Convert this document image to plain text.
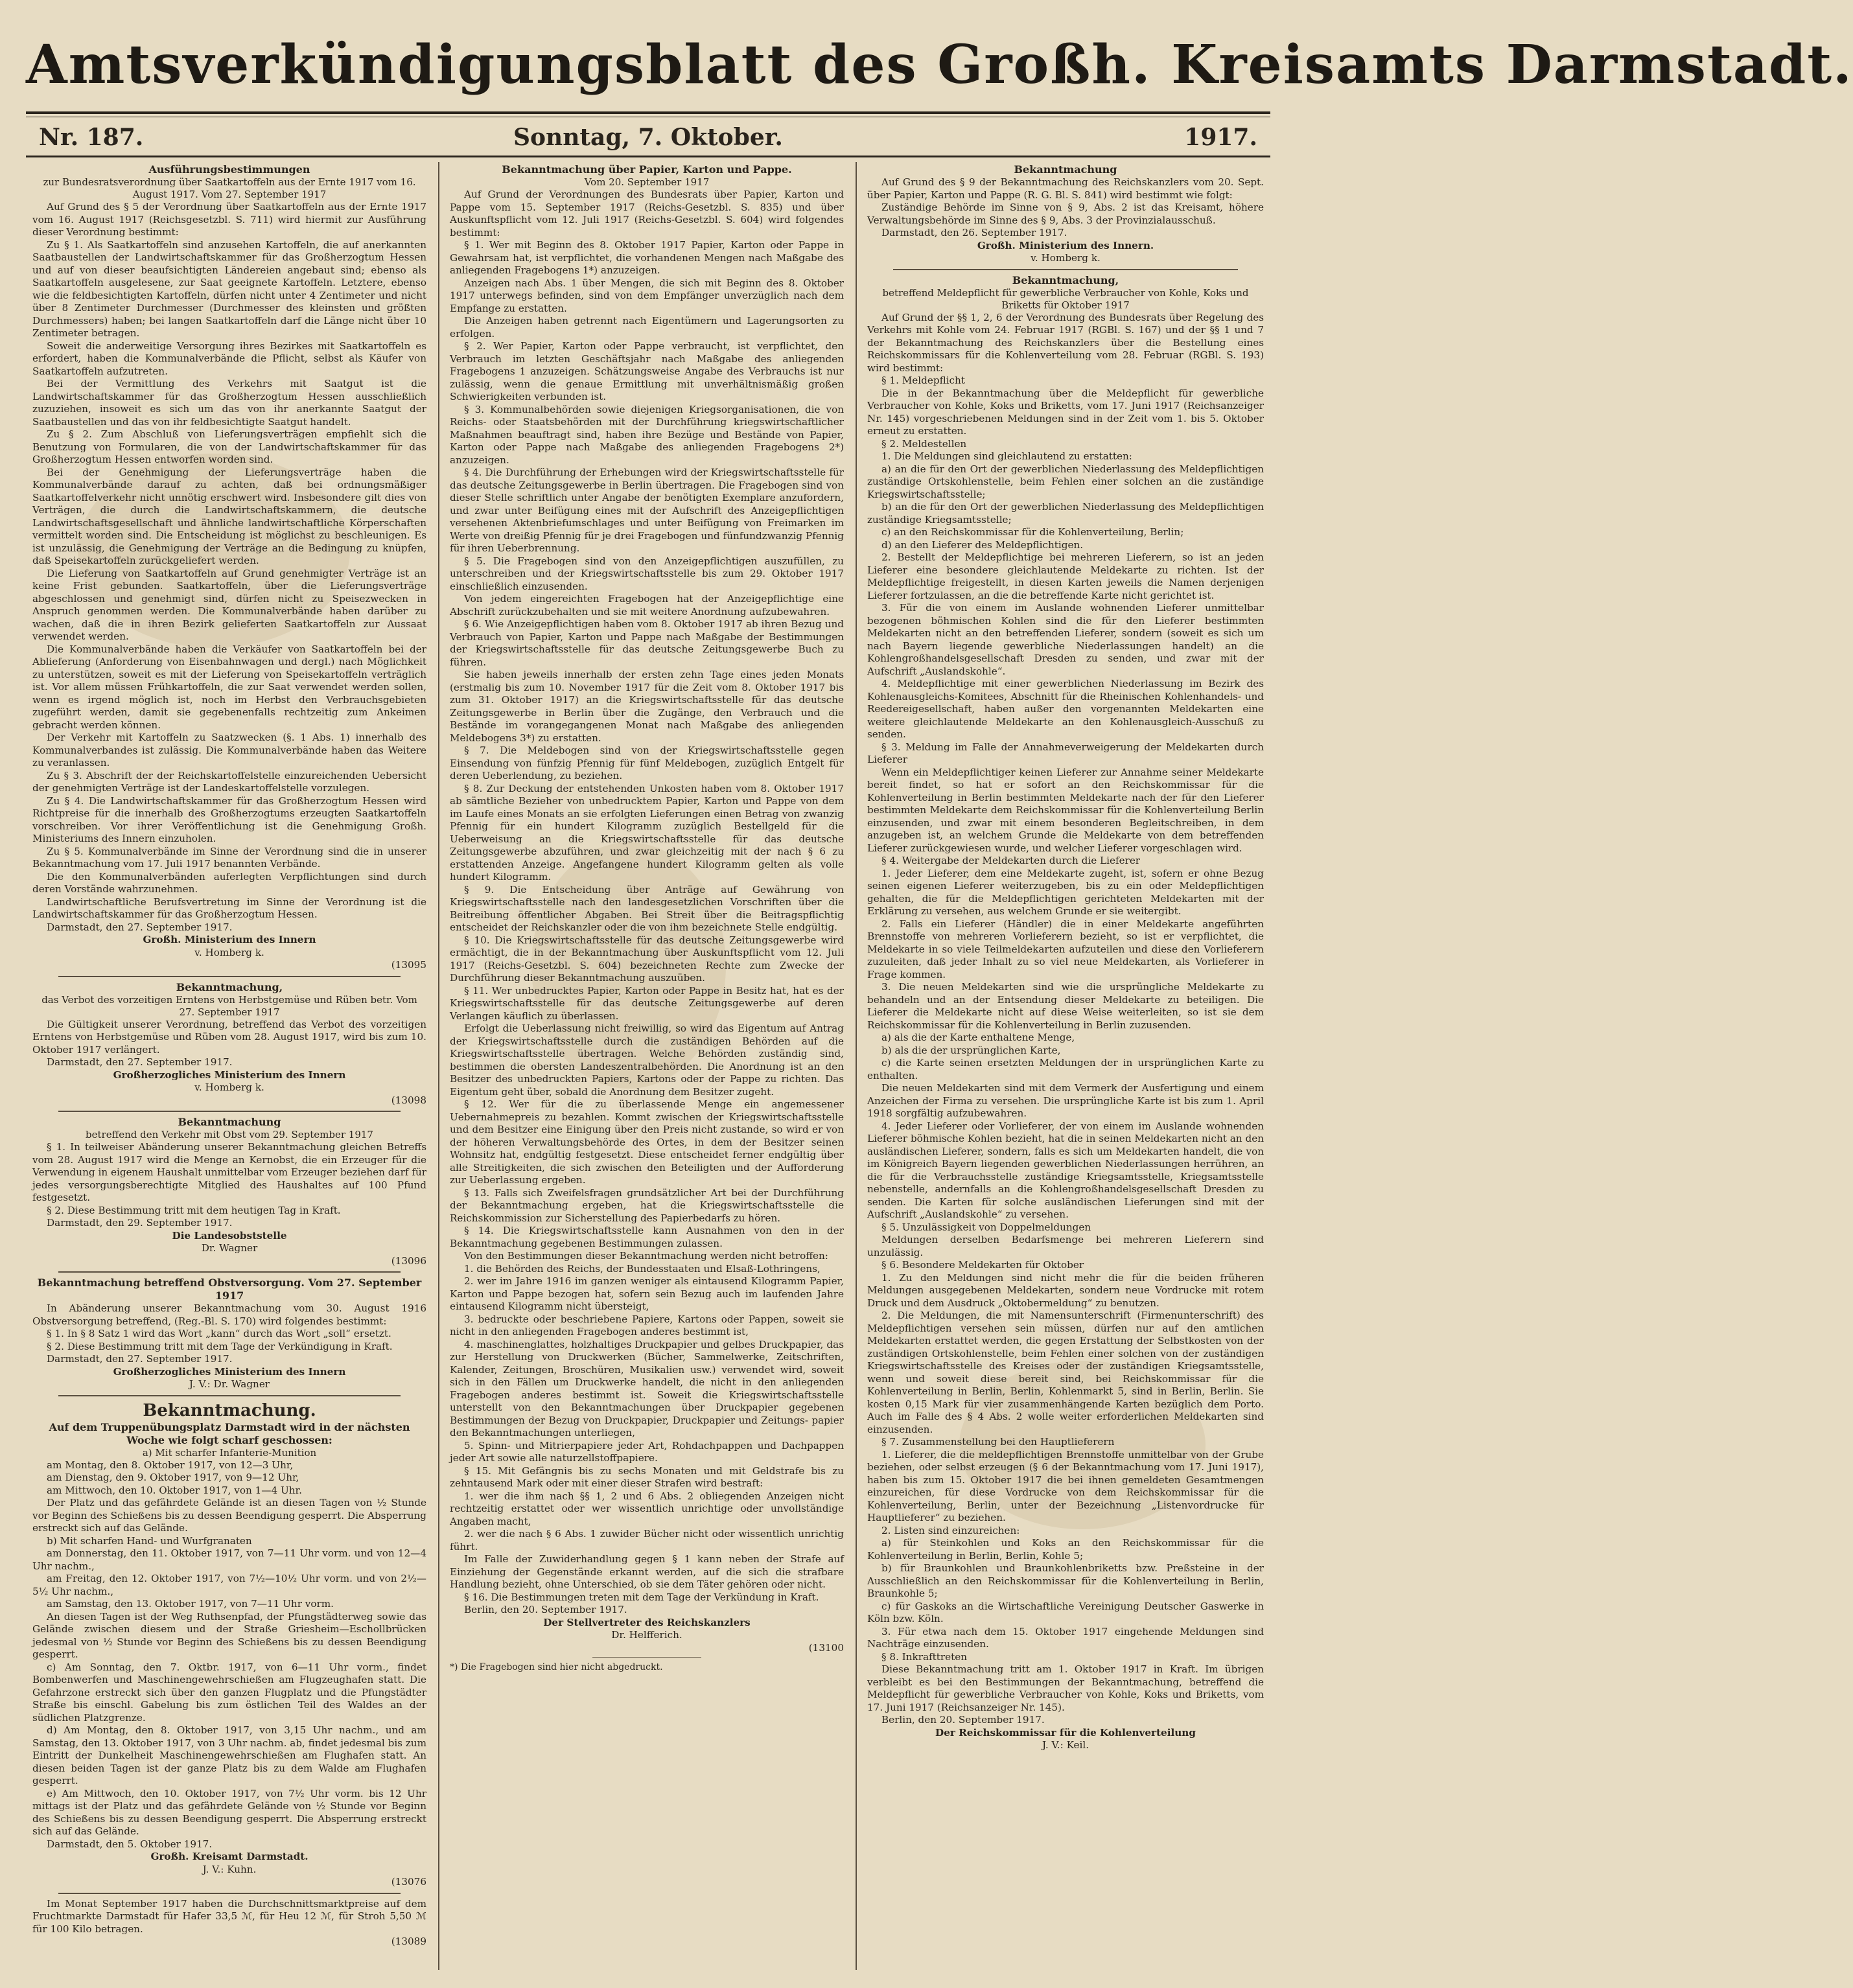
Amtsverkündigungsblatt des Großh. Kreisamts Darmstadt.
Sonntag, 7. Oktober.
Nr. 187.	1917.
Ausführungsbestimmungen
zur Bundesratsverordnung über Saatkartoffeln aus der Ernte 1917 vom 16. August 1917. Vom 27. September 1917

Auf Grund des § 5 der Verordnung über Saatkartoffeln aus der Ernte 1917 vom 16. August 1917 (Reichsgesetzbl. S. 711) wird hiermit zur Ausführung dieser Verordnung bestimmt:

Zu § 1. Als Saatkartoffeln sind anzusehen Kartoffeln, die auf anerkannten Saatbaustellen der Landwirtschaftskammer für das Großherzogtum Hessen und auf von dieser beaufsichtigten Ländereien angebaut sind; ebenso als Saatkartoffeln ausgelesene, zur Saat geeignete Kartoffeln. Letztere, ebenso wie die feldbesichtigten Kartoffeln, dürfen nicht unter 4 Zentimeter und nicht über 8 Zentimeter Durchmesser (Durchmesser des kleinsten und größten Durchmessers) haben; bei langen Saatkartoffeln darf die Länge nicht über 10 Zentimeter betragen.

Soweit die anderweitige Versorgung ihres Bezirkes mit Saatkartoffeln es erfordert, haben die Kommunalverbände die Pflicht, selbst als Käufer von Saatkartoffeln aufzutreten.

Bei der Vermittlung des Verkehrs mit Saatgut ist die Landwirtschaftskammer für das Großherzogtum Hessen ausschließlich zuzuziehen, insoweit es sich um das von ihr anerkannte Saatgut der Saatbaustellen und das von ihr feldbesichtigte Saatgut handelt.

Zu § 2. Zum Abschluß von Lieferungsverträgen empfiehlt sich die Benutzung von Formularen, die von der Landwirtschaftskammer für das Großherzogtum Hessen entworfen worden sind.

Bei der Genehmigung der Lieferungsverträge haben die Kommunalverbände darauf zu achten, daß bei ordnungsmäßiger Saatkartoffelverkehr nicht unnötig erschwert wird. Insbesondere gilt dies von Verträgen, die durch die Landwirtschaftskammern, die deutsche Landwirtschaftsgesellschaft und ähnliche landwirtschaftliche Körperschaften vermittelt worden sind. Die Entscheidung ist möglichst zu beschleunigen. Es ist unzulässig, die Genehmigung der Verträge an die Bedingung zu knüpfen, daß Speisekartoffeln zurückgeliefert werden.

Die Lieferung von Saatkartoffeln auf Grund genehmigter Verträge ist an keine Frist gebunden. Saatkartoffeln, über die Lieferungsverträge abgeschlossen und genehmigt sind, dürfen nicht zu Speisezwecken in Anspruch genommen werden. Die Kommunalverbände haben darüber zu wachen, daß die in ihren Bezirk gelieferten Saatkartoffeln zur Aussaat verwendet werden.

Die Kommunalverbände haben die Verkäufer von Saatkartoffeln bei der Ablieferung (Anforderung von Eisenbahnwagen und dergl.) nach Möglichkeit zu unterstützen, soweit es mit der Lieferung von Speisekartoffeln verträglich ist. Vor allem müssen Frühkartoffeln, die zur Saat verwendet werden sollen, wenn es irgend möglich ist, noch im Herbst den Verbrauchsgebieten zugeführt werden, damit sie gegebenenfalls rechtzeitig zum Ankeimen gebracht werden können.

Der Verkehr mit Kartoffeln zu Saatzwecken (§. 1 Abs. 1) innerhalb des Kommunalverbandes ist zulässig. Die Kommunalverbände haben das Weitere zu veranlassen.

Zu § 3. Abschrift der der Reichskartoffelstelle einzureichenden Uebersicht der genehmigten Verträge ist der Landeskartoffelstelle vorzulegen.

Zu § 4. Die Landwirtschaftskammer für das Großherzogtum Hessen wird Richtpreise für die innerhalb des Großherzogtums erzeugten Saatkartoffeln vorschreiben. Vor ihrer Veröffentlichung ist die Genehmigung Großh. Ministeriums des Innern einzuholen.

Zu § 5. Kommunalverbände im Sinne der Verordnung sind die in unserer Bekanntmachung vom 17. Juli 1917 benannten Verbände.

Die den Kommunalverbänden auferlegten Verpflichtungen sind durch deren Vorstände wahrzunehmen.

Landwirtschaftliche Berufsvertretung im Sinne der Verordnung ist die Landwirtschaftskammer für das Großherzogtum Hessen.

Darmstadt, den 27. September 1917.
Großh. Ministerium des Innern
v. Homberg k.
(13095
Bekanntmachung,
das Verbot des vorzeitigen Erntens von Herbstgemüse und Rüben betr. Vom 27. September 1917

Die Gültigkeit unserer Verordnung, betreffend das Verbot des vorzeitigen Erntens von Herbstgemüse und Rüben vom 28. August 1917, wird bis zum 10. Oktober 1917 verlängert.

Darmstadt, den 27. September 1917.
Großherzogliches Ministerium des Innern
v. Homberg k.
(13098
Bekanntmachung
betreffend den Verkehr mit Obst vom 29. September 1917

§ 1. In teilweiser Abänderung unserer Bekanntmachung gleichen Betreffs vom 28. August 1917 wird die Menge an Kernobst, die ein Erzeuger für die Verwendung in eigenem Haushalt unmittelbar vom Erzeuger beziehen darf für jedes versorgungsberechtigte Mitglied des Haushaltes auf 100 Pfund festgesetzt.

§ 2. Diese Bestimmung tritt mit dem heutigen Tag in Kraft.

Darmstadt, den 29. September 1917.
Die Landesobststelle
Dr. Wagner
(13096
Bekanntmachung betreffend Obstversorgung. Vom 27. September 1917

In Abänderung unserer Bekanntmachung vom 30. August 1916 Obstversorgung betreffend, (Reg.-Bl. S. 170) wird folgendes bestimmt:

§ 1. In § 8 Satz 1 wird das Wort „kann“ durch das Wort „soll“ ersetzt.

§ 2. Diese Bestimmung tritt mit dem Tage der Verkündigung in Kraft.

Darmstadt, den 27. September 1917.
Großherzogliches Ministerium des Innern
J. V.: Dr. Wagner
Bekanntmachung.
Auf dem Truppenübungsplatz Darmstadt wird in der nächsten Woche wie folgt scharf geschossen:
a) Mit scharfer Infanterie-Munition

am Montag, den 8. Oktober 1917, von 12—3 Uhr,

am Dienstag, den 9. Oktober 1917, von 9—12 Uhr,

am Mittwoch, den 10. Oktober 1917, von 1—4 Uhr.

Der Platz und das gefährdete Gelände ist an diesen Tagen von ½ Stunde vor Beginn des Schießens bis zu dessen Beendigung gesperrt. Die Absperrung erstreckt sich auf das Gelände.

b) Mit scharfen Hand- und Wurfgranaten

am Donnerstag, den 11. Oktober 1917, von 7—11 Uhr vorm. und von 12—4 Uhr nachm.,

am Freitag, den 12. Oktober 1917, von 7½—10½ Uhr vorm. und von 2½—5½ Uhr nachm.,

am Samstag, den 13. Oktober 1917, von 7—11 Uhr vorm.

An diesen Tagen ist der Weg Ruthsenpfad, der Pfungstädterweg sowie das Gelände zwischen diesem und der Straße Griesheim—Eschollbrücken jedesmal von ½ Stunde vor Beginn des Schießens bis zu dessen Beendigung gesperrt.

c) Am Sonntag, den 7. Oktbr. 1917, von 6—11 Uhr vorm., findet Bombenwerfen und Maschinengewehrschießen am Flugzeughafen statt. Die Gefahrzone erstreckt sich über den ganzen Flugplatz und die Pfungstädter Straße bis einschl. Gabelung bis zum östlichen Teil des Waldes an der südlichen Platzgrenze.

d) Am Montag, den 8. Oktober 1917, von 3,15 Uhr nachm., und am Samstag, den 13. Oktober 1917, von 3 Uhr nachm. ab, findet jedesmal bis zum Eintritt der Dunkelheit Maschinengewehrschießen am Flughafen statt. An diesen beiden Tagen ist der ganze Platz bis zu dem Walde am Flughafen gesperrt.

e) Am Mittwoch, den 10. Oktober 1917, von 7½ Uhr vorm. bis 12 Uhr mittags ist der Platz und das gefährdete Gelände von ½ Stunde vor Beginn des Schießens bis zu dessen Beendigung gesperrt. Die Absperrung erstreckt sich auf das Gelände.

Darmstadt, den 5. Oktober 1917.
Großh. Kreisamt Darmstadt.
J. V.: Kuhn.
(13076

Im Monat September 1917 haben die Durchschnittsmarktpreise auf dem Fruchtmarkte Darmstadt für Hafer 33,5 ℳ, für Heu 12 ℳ, für Stroh 5,50 ℳ für 100 Kilo betragen.

(13089
Bekanntmachung über Papier, Karton und Pappe.
Vom 20. September 1917

Auf Grund der Verordnungen des Bundesrats über Papier, Karton und Pappe vom 15. September 1917 (Reichs-Gesetzbl. S. 835) und über Auskunftspflicht vom 12. Juli 1917 (Reichs-Gesetzbl. S. 604) wird folgendes bestimmt:

§ 1. Wer mit Beginn des 8. Oktober 1917 Papier, Karton oder Pappe in Gewahrsam hat, ist verpflichtet, die vorhandenen Mengen nach Maßgabe des anliegenden Fragebogens 1*) anzuzeigen.

Anzeigen nach Abs. 1 über Mengen, die sich mit Beginn des 8. Oktober 1917 unterwegs befinden, sind von dem Empfänger unverzüglich nach dem Empfange zu erstatten.

Die Anzeigen haben getrennt nach Eigentümern und Lagerungsorten zu erfolgen.

§ 2. Wer Papier, Karton oder Pappe verbraucht, ist verpflichtet, den Verbrauch im letzten Geschäftsjahr nach Maßgabe des anliegenden Fragebogens 1 anzuzeigen. Schätzungsweise Angabe des Verbrauchs ist nur zulässig, wenn die genaue Ermittlung mit unverhältnismäßig großen Schwierigkeiten verbunden ist.

§ 3. Kommunalbehörden sowie diejenigen Kriegsorganisationen, die von Reichs- oder Staatsbehörden mit der Durchführung kriegswirtschaftlicher Maßnahmen beauftragt sind, haben ihre Bezüge und Bestände von Papier, Karton oder Pappe nach Maßgabe des anliegenden Fragebogens 2*) anzuzeigen.

§ 4. Die Durchführung der Erhebungen wird der Kriegswirtschaftsstelle für das deutsche Zeitungsgewerbe in Berlin übertragen. Die Fragebogen sind von dieser Stelle schriftlich unter Angabe der benötigten Exemplare anzufordern, und zwar unter Beifügung eines mit der Aufschrift des Anzeigepflichtigen versehenen Aktenbriefumschlages und unter Beifügung von Freimarken im Werte von dreißig Pfennig für je drei Fragebogen und fünfundzwanzig Pfennig für ihren Ueberbrennung.

§ 5. Die Fragebogen sind von den Anzeigepflichtigen auszufüllen, zu unterschreiben und der Kriegswirtschaftsstelle bis zum 29. Oktober 1917 einschließlich einzusenden.

Von jedem eingereichten Fragebogen hat der Anzeigepflichtige eine Abschrift zurückzubehalten und sie mit weitere Anordnung aufzubewahren.

§ 6. Wie Anzeigepflichtigen haben vom 8. Oktober 1917 ab ihren Bezug und Verbrauch von Papier, Karton und Pappe nach Maßgabe der Bestimmungen der Kriegswirtschaftsstelle für das deutsche Zeitungsgewerbe Buch zu führen.

Sie haben jeweils innerhalb der ersten zehn Tage eines jeden Monats (erstmalig bis zum 10. November 1917 für die Zeit vom 8. Oktober 1917 bis zum 31. Oktober 1917) an die Kriegswirtschaftsstelle für das deutsche Zeitungsgewerbe in Berlin über die Zugänge, den Verbrauch und die Bestände im vorangegangenen Monat nach Maßgabe des anliegenden Meldebogens 3*) zu erstatten.

§ 7. Die Meldebogen sind von der Kriegswirtschaftsstelle gegen Einsendung von fünfzig Pfennig für fünf Meldebogen, zuzüglich Entgelt für deren Ueberlendung, zu beziehen.

§ 8. Zur Deckung der entstehenden Unkosten haben vom 8. Oktober 1917 ab sämtliche Bezieher von unbedrucktem Papier, Karton und Pappe von dem im Laufe eines Monats an sie erfolgten Lieferungen einen Betrag von zwanzig Pfennig für ein hundert Kilogramm zuzüglich Bestellgeld für die Ueberweisung an die Kriegswirtschaftsstelle für das deutsche Zeitungsgewerbe abzuführen, und zwar gleichzeitig mit der nach § 6 zu erstattenden Anzeige. Angefangene hundert Kilogramm gelten als volle hundert Kilogramm.

§ 9. Die Entscheidung über Anträge auf Gewährung von Kriegswirtschaftsstelle nach den landesgesetzlichen Vorschriften über die Beitreibung öffentlicher Abgaben. Bei Streit über die Beitragspflichtig entscheidet der Reichskanzler oder die von ihm bezeichnete Stelle endgültig.

§ 10. Die Kriegswirtschaftsstelle für das deutsche Zeitungsgewerbe wird ermächtigt, die in der Bekanntmachung über Auskunftspflicht vom 12. Juli 1917 (Reichs-Gesetzbl. S. 604) bezeichneten Rechte zum Zwecke der Durchführung dieser Bekanntmachung auszuüben.

§ 11. Wer unbedrucktes Papier, Karton oder Pappe in Besitz hat, hat es der Kriegswirtschaftsstelle für das deutsche Zeitungsgewerbe auf deren Verlangen käuflich zu überlassen.

Erfolgt die Ueberlassung nicht freiwillig, so wird das Eigentum auf Antrag der Kriegswirtschaftsstelle durch die zuständigen Behörden auf die Kriegswirtschaftsstelle übertragen. Welche Behörden zuständig sind, bestimmen die obersten Landeszentralbehörden. Die Anordnung ist an den Besitzer des unbedruckten Papiers, Kartons oder der Pappe zu richten. Das Eigentum geht über, sobald die Anordnung dem Besitzer zugeht.

§ 12. Wer für die zu überlassende Menge ein angemessener Uebernahmepreis zu bezahlen. Kommt zwischen der Kriegswirtschaftsstelle und dem Besitzer eine Einigung über den Preis nicht zustande, so wird er von der höheren Verwaltungsbehörde des Ortes, in dem der Besitzer seinen Wohnsitz hat, endgültig festgesetzt. Diese entscheidet ferner endgültig über alle Streitigkeiten, die sich zwischen den Beteiligten und der Aufforderung zur Ueberlassung ergeben.

§ 13. Falls sich Zweifelsfragen grundsätzlicher Art bei der Durchführung der Bekanntmachung ergeben, hat die Kriegswirtschaftsstelle die Reichskommission zur Sicherstellung des Papierbedarfs zu hören.

§ 14. Die Kriegswirtschaftsstelle kann Ausnahmen von den in der Bekanntmachung gegebenen Bestimmungen zulassen.

Von den Bestimmungen dieser Bekanntmachung werden nicht betroffen:

1. die Behörden des Reichs, der Bundesstaaten und Elsaß-Lothringens,

2. wer im Jahre 1916 im ganzen weniger als eintausend Kilogramm Papier, Karton und Pappe bezogen hat, sofern sein Bezug auch im laufenden Jahre eintausend Kilogramm nicht übersteigt,

3. bedruckte oder beschriebene Papiere, Kartons oder Pappen, soweit sie nicht in den anliegenden Fragebogen anderes bestimmt ist,

4. maschinenglattes, holzhaltiges Druckpapier und gelbes Druckpapier, das zur Herstellung von Druckwerken (Bücher, Sammelwerke, Zeitschriften, Kalender, Zeitungen, Broschüren, Musikalien usw.) verwendet wird, soweit sich in den Fällen um Druckwerke handelt, die nicht in den anliegenden Fragebogen anderes bestimmt ist. Soweit die Kriegswirtschaftsstelle unterstellt von den Bekanntmachungen über Druckpapier gegebenen Bestimmungen der Bezug von Druckpapier, Druckpapier und Zeitungs- papier den Bekanntmachungen unterliegen,

5. Spinn- und Mitrierpapiere jeder Art, Rohdachpappen und Dachpappen jeder Art sowie alle naturzellstoffpapiere.

§ 15. Mit Gefängnis bis zu sechs Monaten und mit Geldstrafe bis zu zehntausend Mark oder mit einer dieser Strafen wird bestraft:

1. wer die ihm nach §§ 1, 2 und 6 Abs. 2 obliegenden Anzeigen nicht rechtzeitig erstattet oder wer wissentlich unrichtige oder unvollständige Angaben macht,

2. wer die nach § 6 Abs. 1 zuwider Bücher nicht oder wissentlich unrichtig führt.

Im Falle der Zuwiderhandlung gegen § 1 kann neben der Strafe auf Einziehung der Gegenstände erkannt werden, auf die sich die strafbare Handlung bezieht, ohne Unterschied, ob sie dem Täter gehören oder nicht.

§ 16. Die Bestimmungen treten mit dem Tage der Verkündung in Kraft.

Berlin, den 20. September 1917.
Der Stellvertreter des Reichskanzlers
Dr. Helfferich.
(13100
*) Die Fragebogen sind hier nicht abgedruckt.
Bekanntmachung

Auf Grund des § 9 der Bekanntmachung des Reichskanzlers vom 20. Sept. über Papier, Karton und Pappe (R. G. Bl. S. 841) wird bestimmt wie folgt:

Zuständige Behörde im Sinne von § 9, Abs. 2 ist das Kreisamt, höhere Verwaltungsbehörde im Sinne des § 9, Abs. 3 der Provinzialausschuß.

Darmstadt, den 26. September 1917.
Großh. Ministerium des Innern.
v. Homberg k.
Bekanntmachung,
betreffend Meldepflicht für gewerbliche Verbraucher von Kohle, Koks und Briketts für Oktober 1917

Auf Grund der §§ 1, 2, 6 der Verordnung des Bundesrats über Regelung des Verkehrs mit Kohle vom 24. Februar 1917 (RGBl. S. 167) und der §§ 1 und 7 der Bekanntmachung des Reichskanzlers über die Bestellung eines Reichskommissars für die Kohlenverteilung vom 28. Februar (RGBl. S. 193) wird bestimmt:

§ 1. Meldepflicht

Die in der Bekanntmachung über die Meldepflicht für gewerbliche Verbraucher von Kohle, Koks und Briketts, vom 17. Juni 1917 (Reichsanzeiger Nr. 145) vorgeschriebenen Meldungen sind in der Zeit vom 1. bis 5. Oktober erneut zu erstatten.

§ 2. Meldestellen

1. Die Meldungen sind gleichlautend zu erstatten:

a) an die für den Ort der gewerblichen Niederlassung des Meldepflichtigen zuständige Ortskohlenstelle, beim Fehlen einer solchen an die zuständige Kriegswirtschaftsstelle;

b) an die für den Ort der gewerblichen Niederlassung des Meldepflichtigen zuständige Kriegsamtsstelle;

c) an den Reichskommissar für die Kohlenverteilung, Berlin;

d) an den Lieferer des Meldepflichtigen.

2. Bestellt der Meldepflichtige bei mehreren Lieferern, so ist an jeden Lieferer eine besondere gleichlautende Meldekarte zu richten. Ist der Meldepflichtige freigestellt, in diesen Karten jeweils die Namen derjenigen Lieferer fortzulassen, an die die betreffende Karte nicht gerichtet ist.

3. Für die von einem im Auslande wohnenden Lieferer unmittelbar bezogenen böhmischen Kohlen sind die für den Lieferer bestimmten Meldekarten nicht an den betreffenden Lieferer, sondern (soweit es sich um nach Bayern liegende gewerbliche Niederlassungen handelt) an die Kohlengroßhandelsgesellschaft Dresden zu senden, und zwar mit der Aufschrift „Auslandskohle“.

4. Meldepflichtige mit einer gewerblichen Niederlassung im Bezirk des Kohlenausgleichs-Komitees, Abschnitt für die Rheinischen Kohlenhandels- und Reedereigesellschaft, haben außer den vorgenannten Meldekarten eine weitere gleichlautende Meldekarte an den Kohlenausgleich-Ausschuß zu senden.

§ 3. Meldung im Falle der Annahmeverweigerung der Meldekarten durch Lieferer

Wenn ein Meldepflichtiger keinen Lieferer zur Annahme seiner Meldekarte bereit findet, so hat er sofort an den Reichskommissar für die Kohlenverteilung in Berlin bestimmten Meldekarte nach der für den Lieferer bestimmten Meldekarte dem Reichskommissar für die Kohlenverteilung Berlin einzusenden, und zwar mit einem besonderen Begleitschreiben, in dem anzugeben ist, an welchem Grunde die Meldekarte von dem betreffenden Lieferer zurückgewiesen wurde, und welcher Lieferer vorgeschlagen wird.

§ 4. Weitergabe der Meldekarten durch die Lieferer

1. Jeder Lieferer, dem eine Meldekarte zugeht, ist, sofern er ohne Bezug seinen eigenen Lieferer weiterzugeben, bis zu ein oder Meldepflichtigen gehalten, die für die Meldepflichtigen gerichteten Meldekarten mit der Erklärung zu versehen, aus welchem Grunde er sie weitergibt.

2. Falls ein Lieferer (Händler) die in einer Meldekarte angeführten Brennstoffe von mehreren Vorlieferern bezieht, so ist er verpflichtet, die Meldekarte in so viele Teilmeldekarten aufzuteilen und diese den Vorlieferern zuzuleiten, daß jeder Inhalt zu so viel neue Meldekarten, als Vorlieferer in Frage kommen.

3. Die neuen Meldekarten sind wie die ursprüngliche Meldekarte zu behandeln und an der Entsendung dieser Meldekarte zu beteiligen. Die Lieferer die Meldekarte nicht auf diese Weise weiterleiten, so ist sie dem Reichskommissar für die Kohlenverteilung in Berlin zuzusenden.

a) als die der Karte enthaltene Menge,

b) als die der ursprünglichen Karte,

c) die Karte seinen ersetzten Meldungen der in ursprünglichen Karte zu enthalten.

Die neuen Meldekarten sind mit dem Vermerk der Ausfertigung und einem Anzeichen der Firma zu versehen. Die ursprüngliche Karte ist bis zum 1. April 1918 sorgfältig aufzubewahren.

4. Jeder Lieferer oder Vorlieferer, der von einem im Auslande wohnenden Lieferer böhmische Kohlen bezieht, hat die in seinen Meldekarten nicht an den ausländischen Lieferer, sondern, falls es sich um Meldekarten handelt, die von im Königreich Bayern liegenden gewerblichen Niederlassungen herrühren, an die für die Verbrauchsstelle zuständige Kriegsamtsstelle, Kriegsamtsstelle nebenstelle, andernfalls an die Kohlengroßhandelsgesellschaft Dresden zu senden. Die Karten für solche ausländischen Lieferungen sind mit der Aufschrift „Auslandskohle“ zu versehen.

§ 5. Unzulässigkeit von Doppelmeldungen

Meldungen derselben Bedarfsmenge bei mehreren Lieferern sind unzulässig.

§ 6. Besondere Meldekarten für Oktober

1. Zu den Meldungen sind nicht mehr die für die beiden früheren Meldungen ausgegebenen Meldekarten, sondern neue Vordrucke mit rotem Druck und dem Ausdruck „Oktobermeldung“ zu benutzen.

2. Die Meldungen, die mit Namensunterschrift (Firmenunterschrift) des Meldepflichtigen versehen sein müssen, dürfen nur auf den amtlichen Meldekarten erstattet werden, die gegen Erstattung der Selbstkosten von der zuständigen Ortskohlenstelle, beim Fehlen einer solchen von der zuständigen Kriegswirtschaftsstelle des Kreises oder der zuständigen Kriegsamtsstelle, wenn und soweit diese bereit sind, bei Reichskommissar für die Kohlenverteilung in Berlin, Berlin, Kohlenmarkt 5, sind in Berlin, Berlin. Sie kosten 0,15 Mark für vier zusammenhängende Karten bezüglich dem Porto. Auch im Falle des § 4 Abs. 2 wolle weiter erforderlichen Meldekarten sind einzusenden.

§ 7. Zusammenstellung bei den Hauptlieferern

1. Lieferer, die die meldepflichtigen Brennstoffe unmittelbar von der Grube beziehen, oder selbst erzeugen (§ 6 der Bekanntmachung vom 17. Juni 1917), haben bis zum 15. Oktober 1917 die bei ihnen gemeldeten Gesamtmengen einzureichen, für diese Vordrucke von dem Reichskommissar für die Kohlenverteilung, Berlin, unter der Bezeichnung „Listenvordrucke für Hauptlieferer“ zu beziehen.

2. Listen sind einzureichen:

a) für Steinkohlen und Koks an den Reichskommissar für die Kohlenverteilung in Berlin, Berlin, Kohle 5;

b) für Braunkohlen und Braunkohlenbriketts bzw. Preßsteine in der Ausschließlich an den Reichskommissar für die Kohlenverteilung in Berlin, Braunkohle 5;

c) für Gaskoks an die Wirtschaftliche Vereinigung Deutscher Gaswerke in Köln bzw. Köln.

3. Für etwa nach dem 15. Oktober 1917 eingehende Meldungen sind Nachträge einzusenden.

§ 8. Inkrafttreten

Diese Bekanntmachung tritt am 1. Oktober 1917 in Kraft. Im übrigen verbleibt es bei den Bestimmungen der Bekanntmachung, betreffend die Meldepflicht für gewerbliche Verbraucher von Kohle, Koks und Briketts, vom 17. Juni 1917 (Reichsanzeiger Nr. 145).

Berlin, den 20. September 1917.
Der Reichskommissar für die Kohlenverteilung
J. V.: Keil.
